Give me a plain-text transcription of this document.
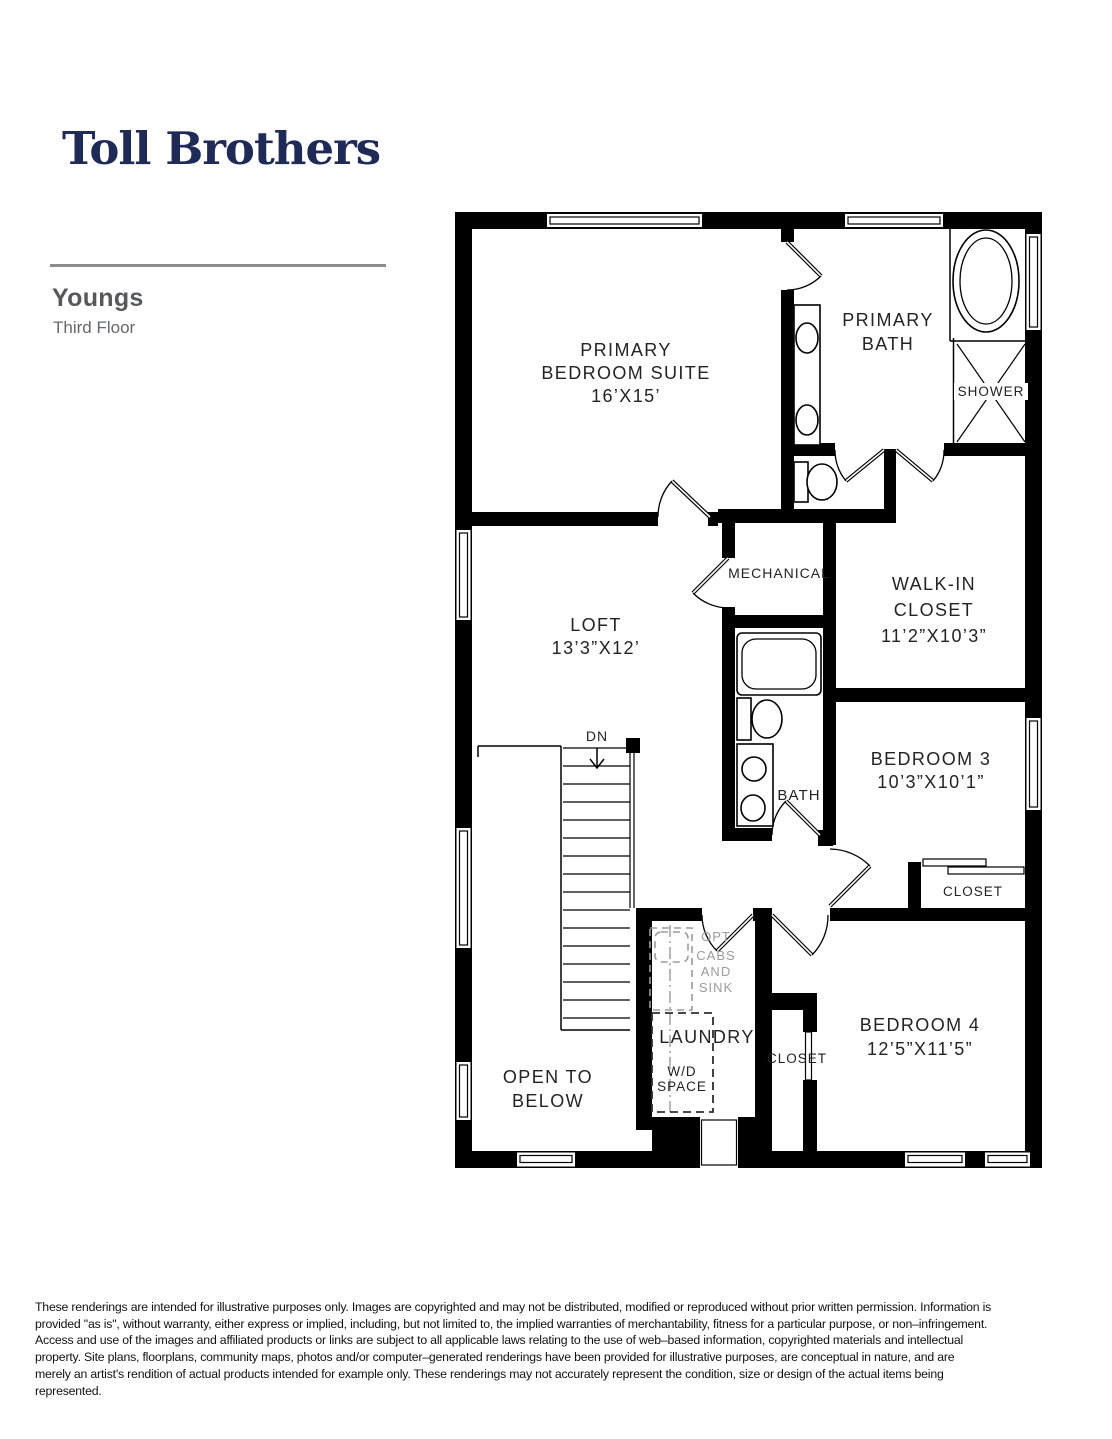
Toll Brothers
Youngs
Third Floor
PRIMARY
BEDROOM SUITE
16’X15’
PRIMARY
BATH
SHOWER
MECHANICAL
WALK-IN
CLOSET
11’2”X10’3”
LOFT
13’3”X12’
BATH
BEDROOM 3
10’3”X10’1”
CLOSET
DN
OPT
CABS
AND
SINK
LAUNDRY
W/D
SPACE
CLOSET
BEDROOM 4
12’5”X11’5”
OPEN TO
BELOW
These renderings are intended for illustrative purposes only. Images are copyrighted and may not be distributed, modified or reproduced without prior written permission. Information is provided "as is", without warranty, either express or implied, including, but not limited to, the implied warranties of merchantability, fitness for a particular purpose, or non–infringement. Access and use of the images and affiliated products or links are subject to all applicable laws relating to the use of web–based information, copyrighted materials and intellectual property. Site plans, floorplans, community maps, photos and/or computer–generated renderings have been provided for illustrative purposes, are conceptual in nature, and are merely an artist's rendition of actual products intended for example only. These renderings may not accurately represent the condition, size or design of the actual items being represented.
